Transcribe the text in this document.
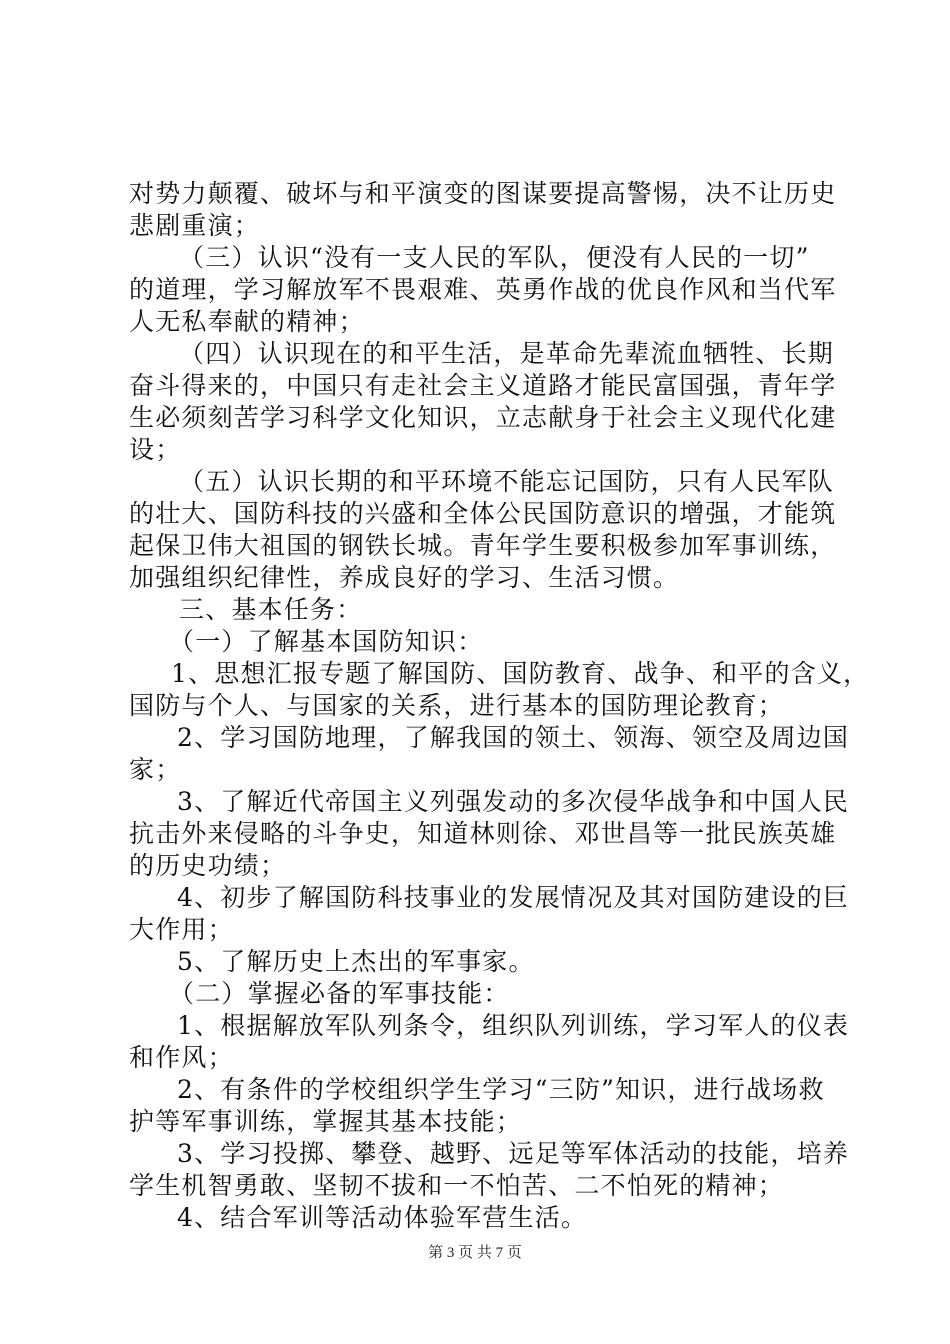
对势力颠覆、破坏与和平演变的图谋要提高警惕，决不让历史
悲剧重演；
（三）认识“没有一支人民的军队，便没有人民的一切”
的道理，学习解放军不畏艰难、英勇作战的优良作风和当代军
人无私奉献的精神；
（四）认识现在的和平生活，是革命先辈流血牺牲、长期
奋斗得来的，中国只有走社会主义道路才能民富国强，青年学
生必须刻苦学习科学文化知识，立志献身于社会主义现代化建
设；
（五）认识长期的和平环境不能忘记国防，只有人民军队
的壮大、国防科技的兴盛和全体公民国防意识的增强，才能筑
起保卫伟大祖国的钢铁长城。青年学生要积极参加军事训练，
加强组织纪律性，养成良好的学习、生活习惯。
三、基本任务：
（一）了解基本国防知识：
1、思想汇报专题了解国防、国防教育、战争、和平的含义，
国防与个人、与国家的关系，进行基本的国防理论教育；
2、学习国防地理，了解我国的领土、领海、领空及周边国
家；
3、了解近代帝国主义列强发动的多次侵华战争和中国人民
抗击外来侵略的斗争史，知道林则徐、邓世昌等一批民族英雄
的历史功绩；
4、初步了解国防科技事业的发展情况及其对国防建设的巨
大作用；
5、了解历史上杰出的军事家。
（二）掌握必备的军事技能：
1、根据解放军队列条令，组织队列训练，学习军人的仪表
和作风；
2、有条件的学校组织学生学习“三防”知识，进行战场救
护等军事训练，掌握其基本技能；
3、学习投掷、攀登、越野、远足等军体活动的技能，培养
学生机智勇敢、坚韧不拔和一不怕苦、二不怕死的精神；
4、结合军训等活动体验军营生活。
第 3 页 共 7 页
